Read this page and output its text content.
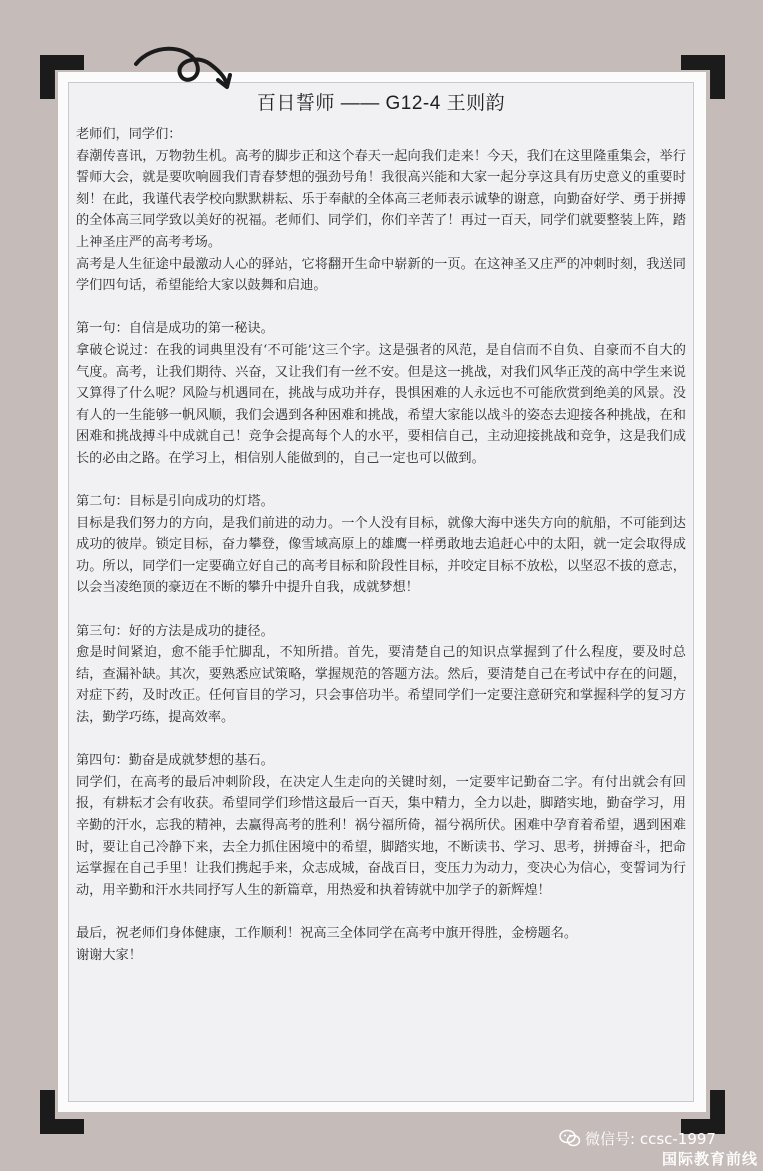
百日誓师 —— G12-4 王则韵

老师们，同学们：

春潮传喜讯，万物勃生机。高考的脚步正和这个春天一起向我们走来！今天，我们在这里隆重集会，举行誓师大会，就是要吹响圆我们青春梦想的强劲号角！我很高兴能和大家一起分享这具有历史意义的重要时刻！在此，我谨代表学校向默默耕耘、乐于奉献的全体高三老师表示诚挚的谢意，向勤奋好学、勇于拼搏的全体高三同学致以美好的祝福。老师们、同学们，你们辛苦了！再过一百天，同学们就要整装上阵，踏上神圣庄严的高考考场。

高考是人生征途中最激动人心的驿站，它将翻开生命中崭新的一页。在这神圣又庄严的冲刺时刻，我送同学们四句话，希望能给大家以鼓舞和启迪。

第一句：自信是成功的第一秘诀。

拿破仑说过：在我的词典里没有‘不可能’这三个字。这是强者的风范，是自信而不自负、自豪而不自大的气度。高考，让我们期待、兴奋，又让我们有一丝不安。但是这一挑战，对我们风华正茂的高中学生来说又算得了什么呢？风险与机遇同在，挑战与成功并存，畏惧困难的人永远也不可能欣赏到绝美的风景。没有人的一生能够一帆风顺，我们会遇到各种困难和挑战，希望大家能以战斗的姿态去迎接各种挑战，在和困难和挑战搏斗中成就自己！竞争会提高每个人的水平，要相信自己，主动迎接挑战和竞争，这是我们成长的必由之路。在学习上，相信别人能做到的，自己一定也可以做到。

第二句：目标是引向成功的灯塔。

目标是我们努力的方向，是我们前进的动力。一个人没有目标，就像大海中迷失方向的航船，不可能到达成功的彼岸。锁定目标，奋力攀登，像雪域高原上的雄鹰一样勇敢地去追赶心中的太阳，就一定会取得成功。所以，同学们一定要确立好自己的高考目标和阶段性目标，并咬定目标不放松，以坚忍不拔的意志，以会当凌绝顶的豪迈在不断的攀升中提升自我，成就梦想！

第三句：好的方法是成功的捷径。

愈是时间紧迫，愈不能手忙脚乱，不知所措。首先，要清楚自己的知识点掌握到了什么程度，要及时总结，查漏补缺。其次，要熟悉应试策略，掌握规范的答题方法。然后，要清楚自己在考试中存在的问题，对症下药，及时改正。任何盲目的学习，只会事倍功半。希望同学们一定要注意研究和掌握科学的复习方法，勤学巧练，提高效率。

第四句：勤奋是成就梦想的基石。

同学们，在高考的最后冲刺阶段，在决定人生走向的关键时刻，一定要牢记勤奋二字。有付出就会有回报，有耕耘才会有收获。希望同学们珍惜这最后一百天，集中精力，全力以赴，脚踏实地，勤奋学习，用辛勤的汗水，忘我的精神，去赢得高考的胜利！祸兮福所倚，福兮祸所伏。困难中孕育着希望，遇到困难时，要让自己冷静下来，去全力抓住困境中的希望，脚踏实地，不断读书、学习、思考，拼搏奋斗，把命运掌握在自己手里！让我们携起手来，众志成城，奋战百日，变压力为动力，变决心为信心，变誓词为行动，用辛勤和汗水共同抒写人生的新篇章，用热爱和执着铸就中加学子的新辉煌！

最后，祝老师们身体健康，工作顺利！祝高三全体同学在高考中旗开得胜，金榜题名。

谢谢大家！

微信号: ccsc-1997
国际教育前线
